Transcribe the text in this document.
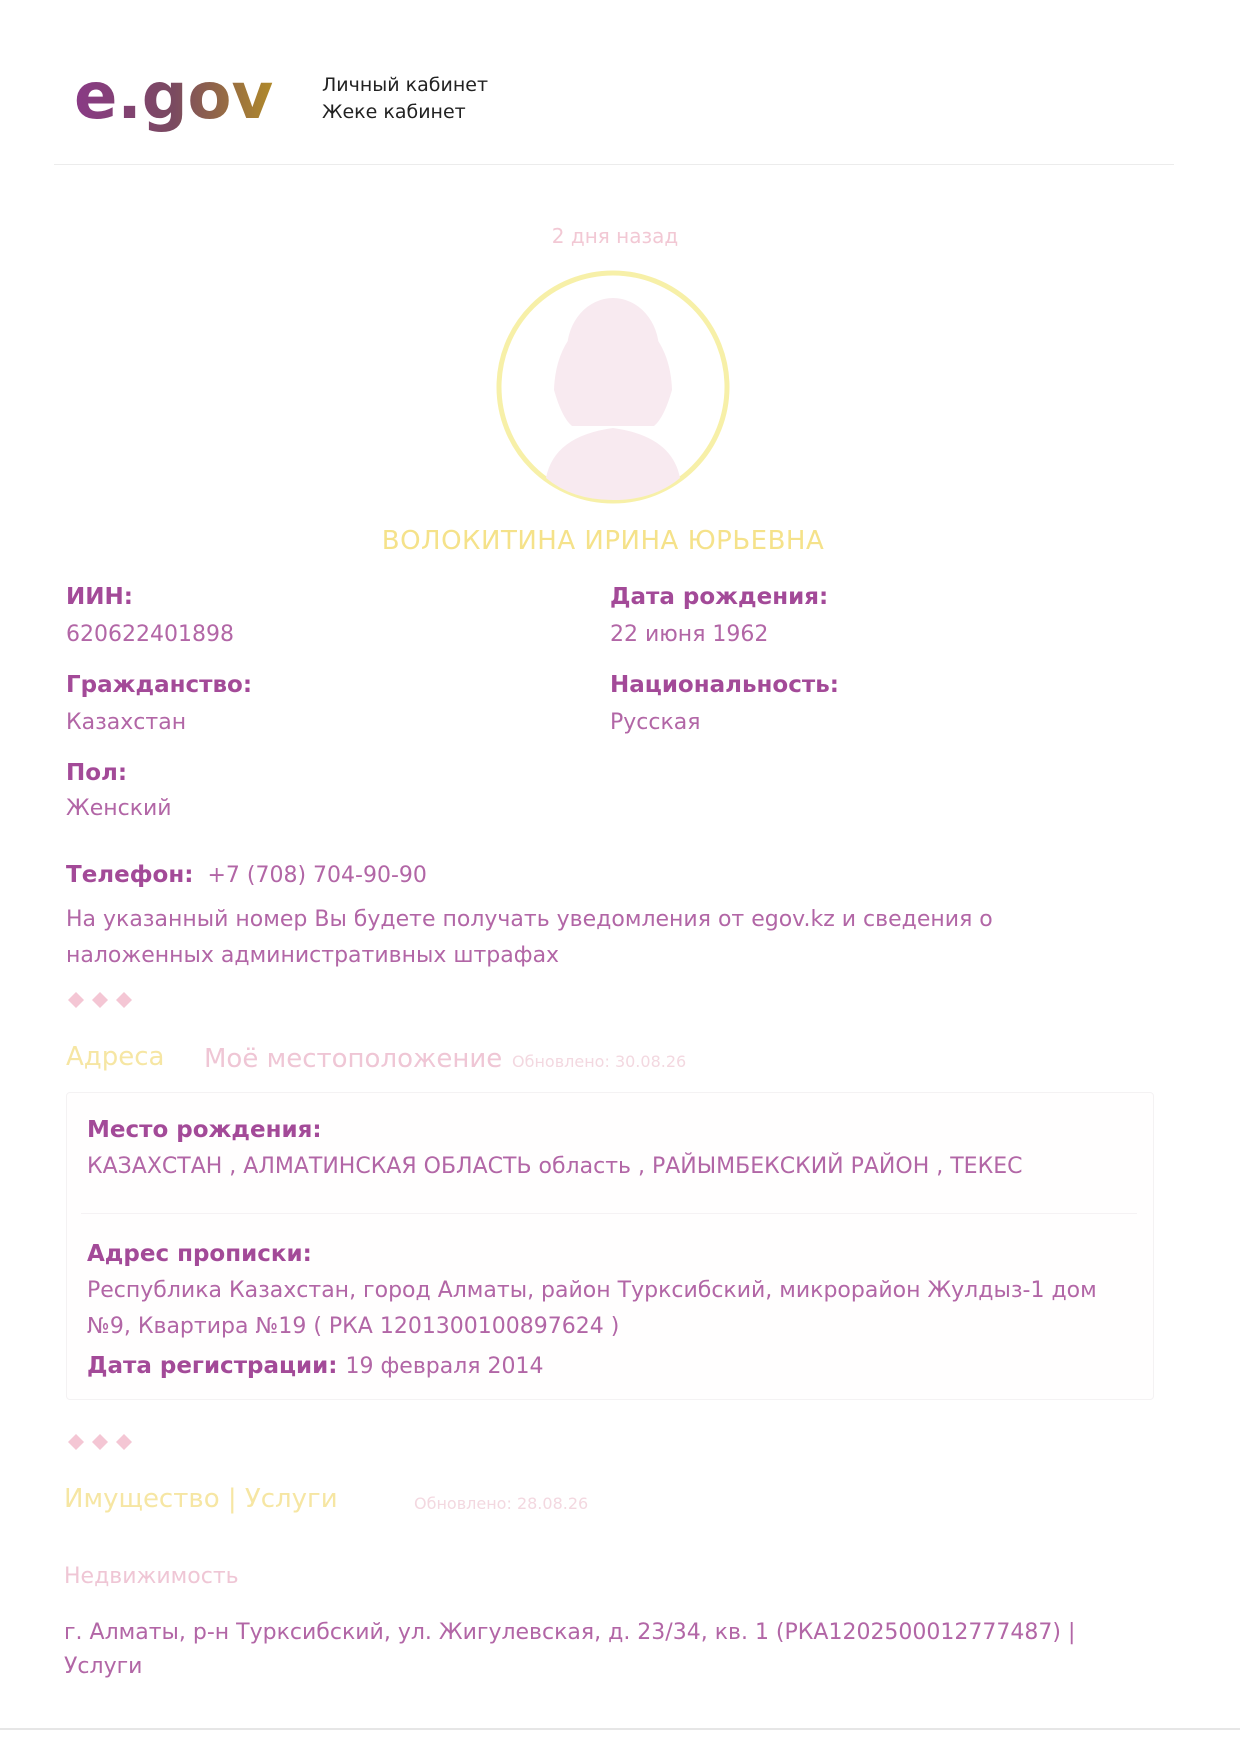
e.gov	Личный кабинет
Жеке кабинет
2 дня назад
ВОЛОКИТИНА ИРИНА ЮРЬЕВНА
ИИН:
620622401898
Дата рождения:
22 июня 1962
Гражданство:
Казахстан
Национальность:
Русская
Пол:
Женский
Телефон: +7 (708) 704-90-90
На указанный номер Вы будете получать уведомления от egov.kz и сведения о наложенных административных штрафах
Адреса Моё местоположение Обновлено: 30.08.26
Место рождения:
КАЗАХСТАН , АЛМАТИНСКАЯ ОБЛАСТЬ область , РАЙЫМБЕКСКИЙ РАЙОН , ТЕКЕС
Адрес прописки:
Республика Казахстан, город Алматы, район Турксибский, микрорайон Жулдыз-1 дом №9, Квартира №19 ( РКА 1201300100897624 )
Дата регистрации: 19 февраля 2014
Имущество | Услуги	Обновлено: 28.08.26
Недвижимость
г. Алматы, р-н Турксибский, ул. Жигулевская, д. 23/34, кв. 1 (РКА1202500012777487) | Услуги
